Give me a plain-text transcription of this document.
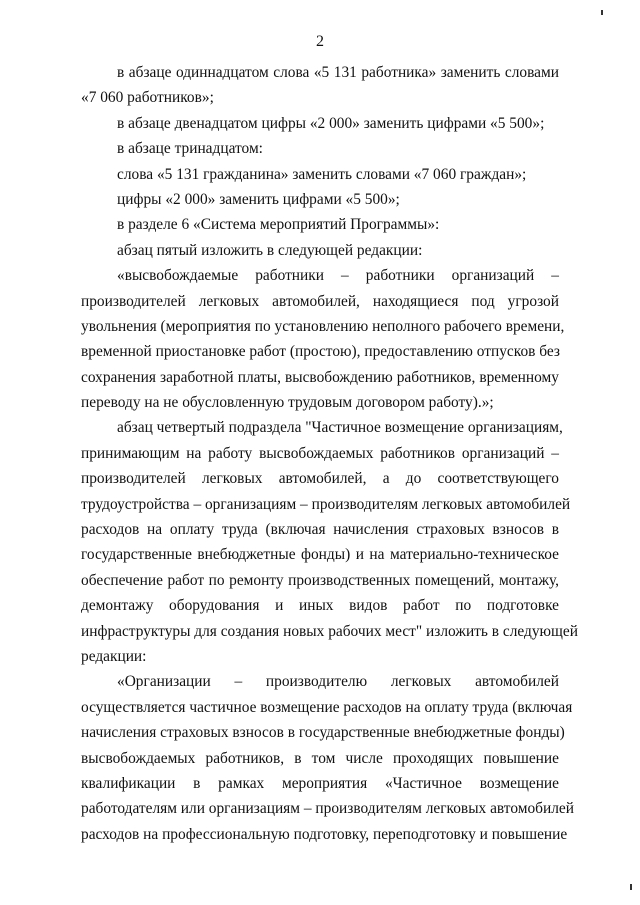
2
в абзаце одиннадцатом слова «5 131 работника» заменить словами
«7 060 работников»;
в абзаце двенадцатом цифры «2 000» заменить цифрами «5 500»;
в абзаце тринадцатом:
слова «5 131 гражданина» заменить словами «7 060 граждан»;
цифры «2 000» заменить цифрами «5 500»;
в разделе 6 «Система мероприятий Программы»:
абзац пятый изложить в следующей редакции:
«высвобождаемые работники – работники организаций –
производителей легковых автомобилей, находящиеся под угрозой
увольнения (мероприятия по установлению неполного рабочего времени,
временной приостановке работ (простою), предоставлению отпусков без
сохранения заработной платы, высвобождению работников, временному
переводу на не обусловленную трудовым договором работу).»;
абзац четвертый подраздела "Частичное возмещение организациям,
принимающим на работу высвобождаемых работников организаций –
производителей легковых автомобилей, а до соответствующего
трудоустройства – организациям – производителям легковых автомобилей
расходов на оплату труда (включая начисления страховых взносов в
государственные внебюджетные фонды) и на материально-техническое
обеспечение работ по ремонту производственных помещений, монтажу,
демонтажу оборудования и иных видов работ по подготовке
инфраструктуры для создания новых рабочих мест" изложить в следующей
редакции:
«Организации – производителю легковых автомобилей
осуществляется частичное возмещение расходов на оплату труда (включая
начисления страховых взносов в государственные внебюджетные фонды)
высвобождаемых работников, в том числе проходящих повышение
квалификации в рамках мероприятия «Частичное возмещение
работодателям или организациям – производителям легковых автомобилей
расходов на профессиональную подготовку, переподготовку и повышение
